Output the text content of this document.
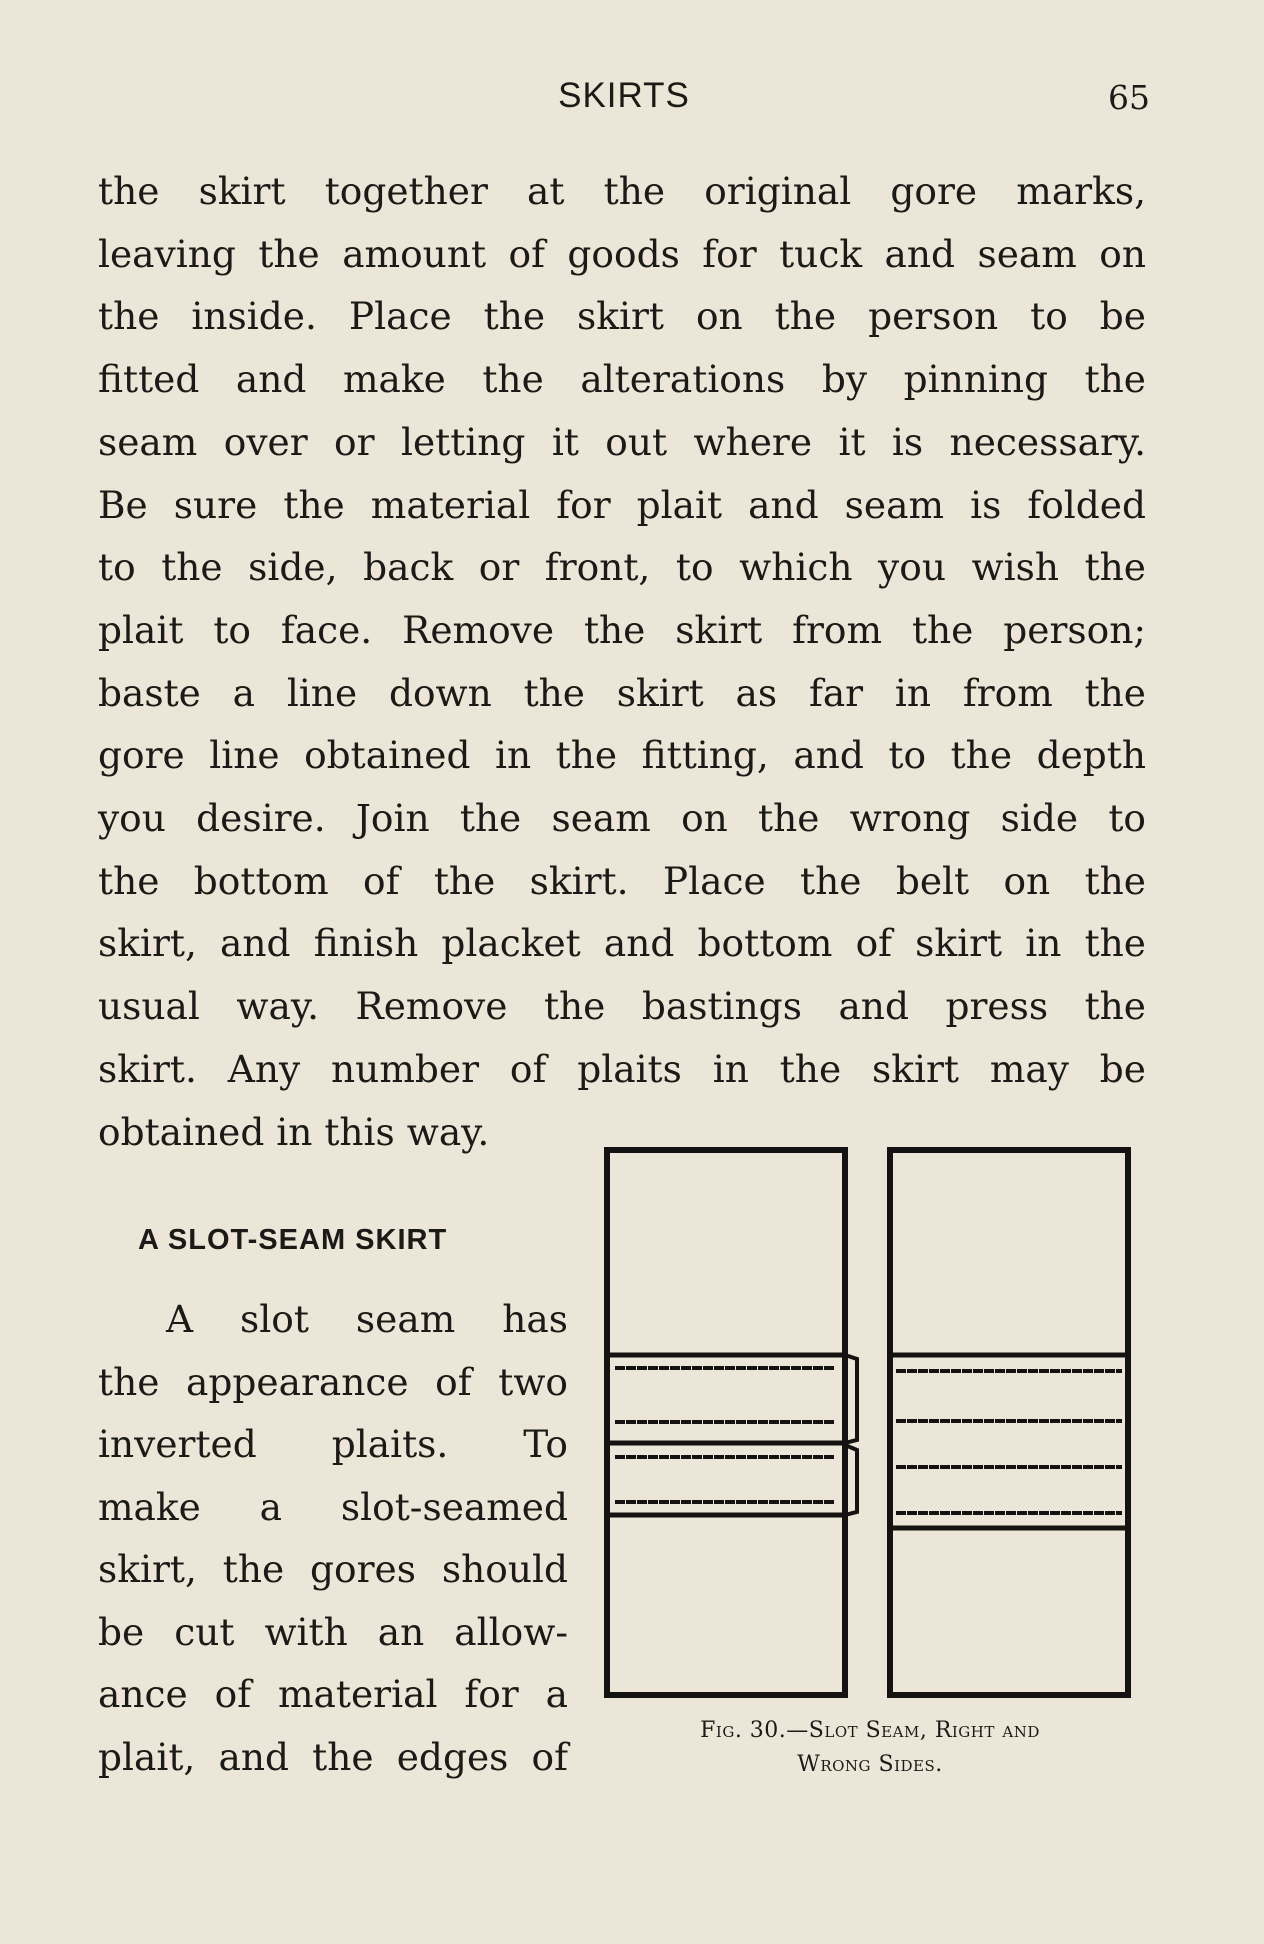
SKIRTS	65
the skirt together at the original gore marks,
leaving the amount of goods for tuck and seam on
the inside. Place the skirt on the person to be
fitted and make the alterations by pinning the
seam over or letting it out where it is necessary.
Be sure the material for plait and seam is folded
to the side, back or front, to which you wish the
plait to face. Remove the skirt from the person;
baste a line down the skirt as far in from the
gore line obtained in the fitting, and to the depth
you desire. Join the seam on the wrong side to
the bottom of the skirt. Place the belt on the
skirt, and finish placket and bottom of skirt in the
usual way. Remove the bastings and press the
skirt. Any number of plaits in the skirt may be
obtained in this way.
A SLOT-SEAM SKIRT
A slot seam has
the appearance of two
inverted plaits. To
make a slot-seamed
skirt, the gores should
be cut with an allow-
ance of material for a
plait, and the edges of
Fig. 30.—Slot Seam, Right and
Wrong Sides.
